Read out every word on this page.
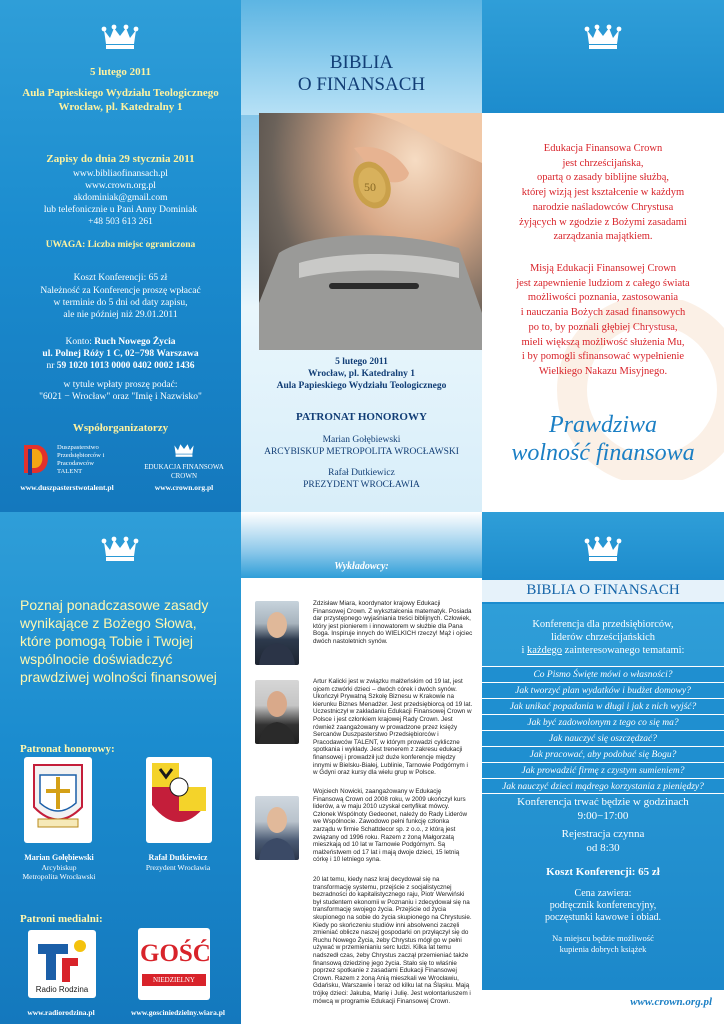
5 lutego 2011
Aula Papieskiego Wydziału Teologicznego
Wrocław, pl. Katedralny 1
Zapisy do dnia 29 stycznia 2011
www.bibliaofinansach.pl
www.crown.org.pl
akdominiak@gmail.com
lub telefonicznie u Pani Anny Dominiak
+48 503 613 261
UWAGA: Liczba miejsc ograniczona
Koszt Konferencji: 65 zł
Należność za Konferencje proszę wpłacać
w terminie do 5 dni od daty zapisu,
ale nie później niż 29.01.2011
Konto: Ruch Nowego Życia
ul. Polnej Róży 1 C, 02−798 Warszawa
nr 59 1020 1013 0000 0402 0002 1436
w tytule wpłaty proszę podać:
"6021 − Wrocław" oraz "Imię i Nazwisko"
Współorganizatorzy
Duszpasterstwo Przedsiębiorców i Pracodawców TALENT
EDUKACJA FINANSOWA CROWN
www.duszpasterstwotalent.pl	www.crown.org.pl
BIBLIA
O FINANSACH
50
5 lutego 2011
Wrocław, pl. Katedralny 1
Aula Papieskiego Wydziału Teologicznego
PATRONAT HONOROWY
Marian Gołębiewski
ARCYBISKUP METROPOLITA WROCŁAWSKI
Rafał Dutkiewicz
PREZYDENT WROCŁAWIA
Edukacja Finansowa Crown
jest chrześcijańska,
opartą o zasady biblijne służbą,
której wizją jest kształcenie w każdym
narodzie naśladowców Chrystusa
żyjących w zgodzie z Bożymi zasadami
zarządzania majątkiem.
Misją Edukacji Finansowej Crown
jest zapewnienie ludziom z całego świata
możliwości poznania, zastosowania
i nauczania Bożych zasad finansowych
po to, by poznali głębiej Chrystusa,
mieli większą możliwość służenia Mu,
i by pomogli sfinansować wypełnienie
Wielkiego Nakazu Misyjnego.
Prawdziwa
wolność finansowa
Poznaj ponadczasowe zasady
wynikające z Bożego Słowa,
które pomogą Tobie i Twojej
wspólnocie doświadczyć
prawdziwej wolności finansowej
Patronat honorowy:
Marian Gołębiewski
Arcybiskup
Metropolita Wrocławski
Rafał Dutkiewicz
Prezydent Wrocławia
Patroni medialni:
Radio Rodzina
GOŚĆ
NIEDZIELNY
www.radiorodzina.pl	www.gosciniedzielny.wiara.pl
Wykładowcy:
Zdzisław Miara, koordynator krajowy Edukacji Finansowej Crown. Z wykształcenia matematyk. Posiada dar przystępnego wyjaśniania treści biblijnych. Człowiek, który jest pionierem i innowatorem w służbie dla Pana Boga. Inspiruje innych do WIELKICH rzeczy! Mąż i ojciec dwóch nastoletnich synów.
Artur Kalicki jest w związku małżeńskim od 19 lat, jest ojcem czwórki dzieci – dwóch córek i dwóch synów. Ukończył Prywatną Szkołę Biznesu w Krakowie na kierunku Biznes Menadżer. Jest przedsiębiorcą od 19 lat. Uczestniczył w zakładaniu Edukacji Finansowej Crown w Polsce i jest członkiem krajowej Rady Crown. Jest również zaangażowany w prowadzone przez księży Sercanów Duszpasterstwo Przedsiębiorców i Pracodawców TALENT, w którym prowadzi cykliczne spotkania i wykłady. Jest trenerem z zakresu edukacji finansowej i prowadził już duże konferencje między innymi w Bielsku-Białej, Lublinie, Tarnowie Podgórnym i w Gdyni oraz kursy dla wielu grup w Polsce.
Wojciech Nowicki, zaangażowany w Edukację Finansową Crown od 2008 roku, w 2009 ukończył kurs liderów, a w maju 2010 uzyskał certyfikat mówcy. Członek Wspólnoty Gedeonet, należy do Rady Liderów we Wspólnocie. Zawodowo pełni funkcję członka zarządu w firmie Schattdecor sp. z o.o., z którą jest związany od 1996 roku. Razem z żoną Małgorzatą mieszkają od 10 lat w Tarnowie Podgórnym. Są małżeństwem od 17 lat i mają dwoje dzieci, 15 letnią córkę i 10 letniego syna.
20 lat temu, kiedy nasz kraj decydował się na transformację systemu, przejście z socjalistycznej bezradności do kapitalistycznego raju, Piotr Werwiński był studentem ekonomii w Poznaniu i zdecydował się na transformację swojego życia. Przejście od życia skupionego na sobie do życia skupionego na Chrystusie. Kiedy po skończeniu studiów inni absolwenci zaczęli zmieniać oblicze naszej gospodarki on przyłączył się do Ruchu Nowego Życia, żeby Chrystus mógł go w pełni używać w przemienianiu serc ludzi. Kilka lat temu nadszedł czas, żeby Chrystus zaczął przemieniać także finansową dziedzinę jego życia. Stało się to właśnie poprzez spotkanie z zasadami Edukacji Finansowej Crown. Razem z żoną Anią mieszkali we Wrocławiu, Gdańsku, Warszawie i teraz od kilku lat na Śląsku. Mają trójkę dzieci: Jakuba, Marię i Julię. Jest wolontariuszem i mówcą w programie Edukacji Finansowej Crown.
BIBLIA O FINANSACH
Konferencja dla przedsiębiorców,
liderów chrześcijańskich
i każdego zainteresowanego tematami:
Co Pismo Święte mówi o własności?
Jak tworzyć plan wydatków i budżet domowy?
Jak unikać popadania w długi i jak z nich wyjść?
Jak być zadowolonym z tego co się ma?
Jak nauczyć się oszczędzać?
Jak pracować, aby podobać się Bogu?
Jak prowadzić firmę z czystym sumieniem?
Jak nauczyć dzieci mądrego korzystania z pieniędzy?
Konferencja trwać będzie w godzinach
9:00−17:00
Rejestracja czynna
od 8:30
Koszt Konferencji: 65 zł
Cena zawiera:
podręcznik konferencyjny,
poczęstunki kawowe i obiad.
Na miejscu będzie możliwość
kupienia dobrych książek
www.crown.org.pl
